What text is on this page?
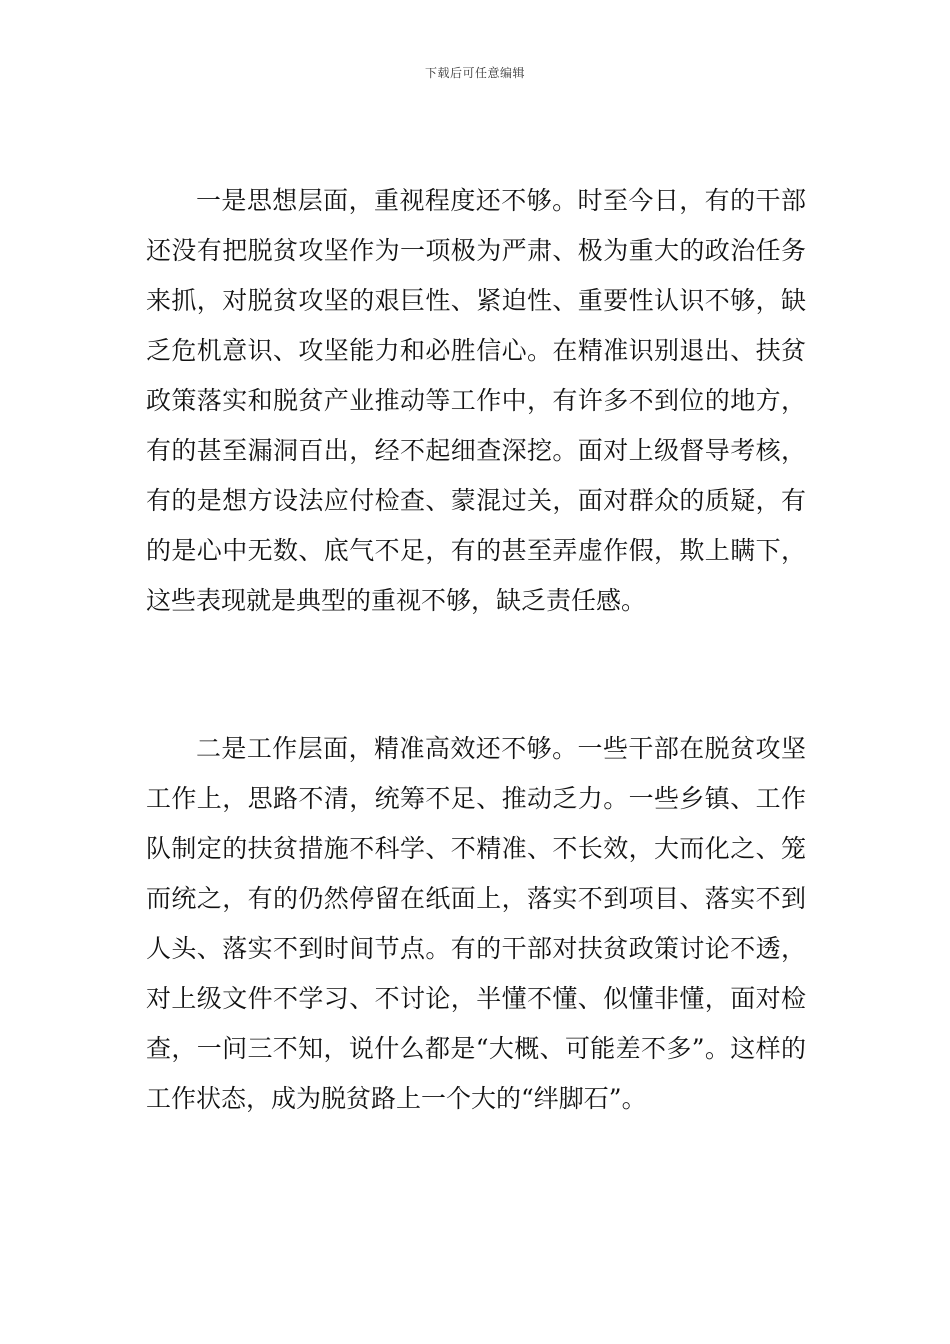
下载后可任意编辑

一是思想层面，重视程度还不够。时至今日，有的干部还没有把脱贫攻坚作为一项极为严肃、极为重大的政治任务来抓，对脱贫攻坚的艰巨性、紧迫性、重要性认识不够，缺乏危机意识、攻坚能力和必胜信心。在精准识别退出、扶贫政策落实和脱贫产业推动等工作中，有许多不到位的地方，有的甚至漏洞百出，经不起细查深挖。面对上级督导考核，有的是想方设法应付检查、蒙混过关，面对群众的质疑，有的是心中无数、底气不足，有的甚至弄虚作假，欺上瞒下，这些表现就是典型的重视不够，缺乏责任感。

二是工作层面，精准高效还不够。一些干部在脱贫攻坚工作上，思路不清，统筹不足、推动乏力。一些乡镇、工作队制定的扶贫措施不科学、不精准、不长效，大而化之、笼而统之，有的仍然停留在纸面上，落实不到项目、落实不到人头、落实不到时间节点。有的干部对扶贫政策讨论不透，对上级文件不学习、不讨论，半懂不懂、似懂非懂，面对检查，一问三不知，说什么都是“大概、可能差不多”。这样的工作状态，成为脱贫路上一个大的“绊脚石”。
